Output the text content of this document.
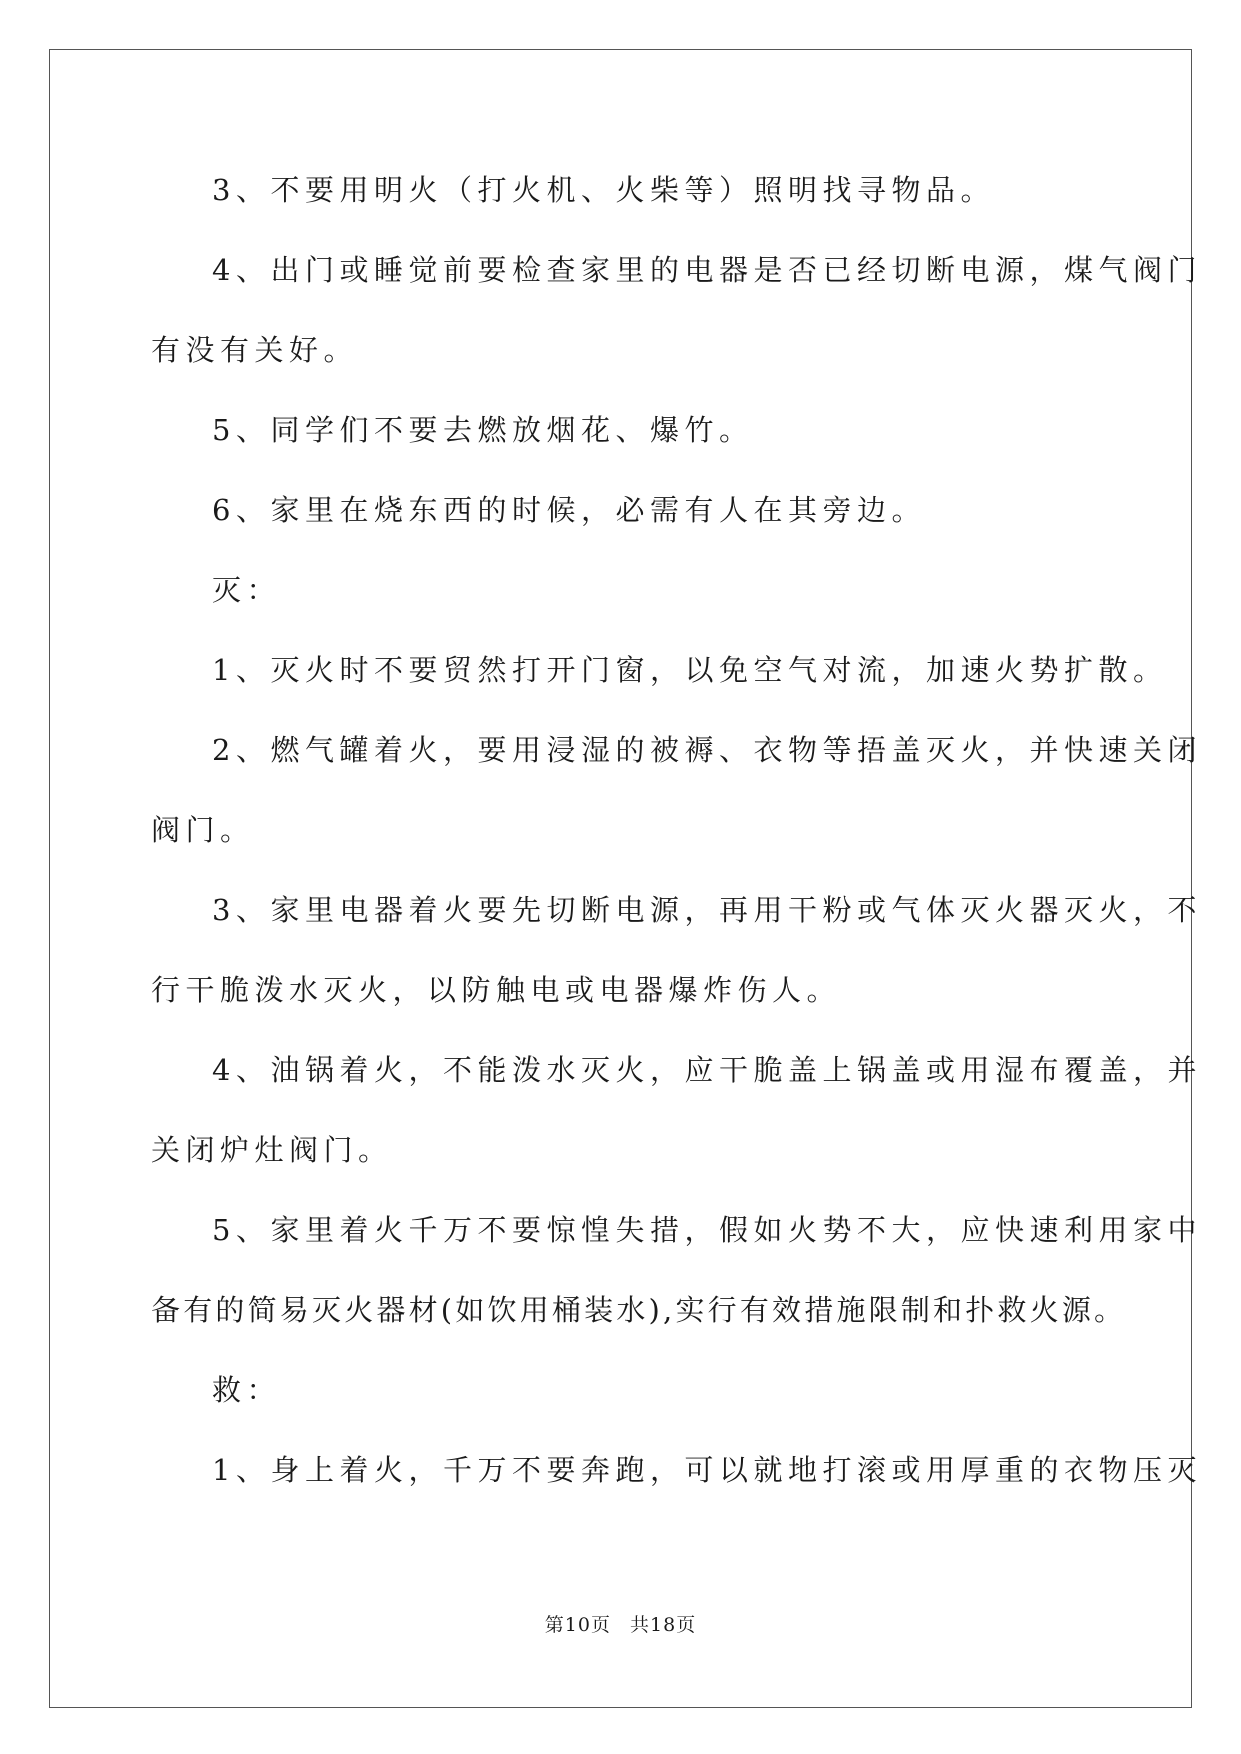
3、不要用明火（打火机、火柴等）照明找寻物品。
4、出门或睡觉前要检查家里的电器是否已经切断电源，煤气阀门
有没有关好。
5、同学们不要去燃放烟花、爆竹。
6、家里在烧东西的时候，必需有人在其旁边。
灭：
1、灭火时不要贸然打开门窗，以免空气对流，加速火势扩散。
2、燃气罐着火，要用浸湿的被褥、衣物等捂盖灭火，并快速关闭
阀门。
3、家里电器着火要先切断电源，再用干粉或气体灭火器灭火，不
行干脆泼水灭火，以防触电或电器爆炸伤人。
4、油锅着火，不能泼水灭火，应干脆盖上锅盖或用湿布覆盖，并
关闭炉灶阀门。
5、家里着火千万不要惊惶失措，假如火势不大，应快速利用家中
备有的简易灭火器材(如饮用桶装水),实行有效措施限制和扑救火源。
救：
1、身上着火，千万不要奔跑，可以就地打滚或用厚重的衣物压灭
第10页 共18页
